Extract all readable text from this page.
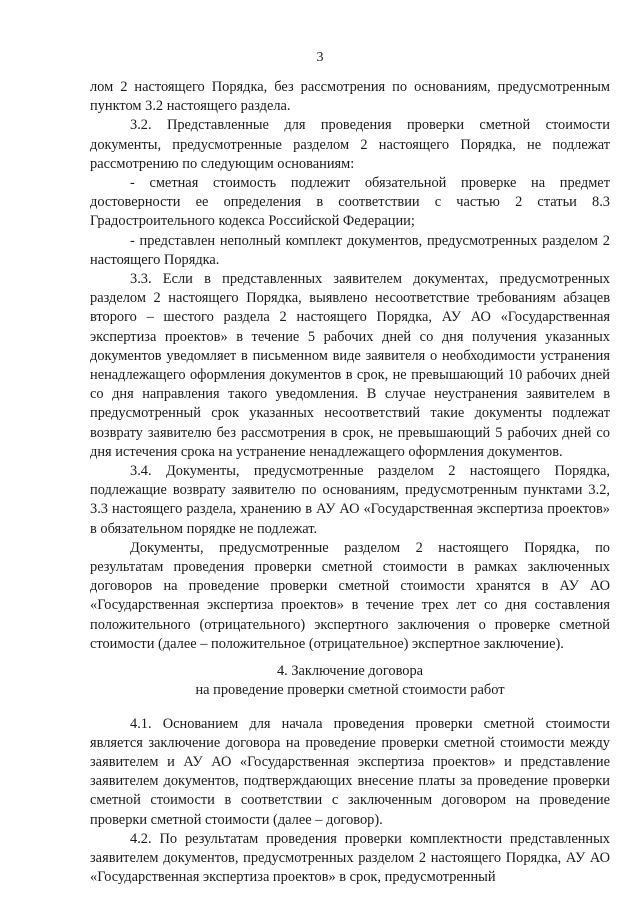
3

лом 2 настоящего Порядка, без рассмотрения по основаниям, предусмотренным пунктом 3.2 настоящего раздела.

3.2. Представленные для проведения проверки сметной стоимости документы, предусмотренные разделом 2 настоящего Порядка, не подлежат рассмотрению по следующим основаниям:

- сметная стоимость подлежит обязательной проверке на предмет достоверности ее определения в соответствии с частью 2 статьи 8.3 Градостроительного кодекса Российской Федерации;

- представлен неполный комплект документов, предусмотренных разделом 2 настоящего Порядка.

3.3. Если в представленных заявителем документах, предусмотренных разделом 2 настоящего Порядка, выявлено несоответствие требованиям абзацев второго – шестого раздела 2 настоящего Порядка, АУ АО «Государственная экспертиза проектов» в течение 5 рабочих дней со дня получения указанных документов уведомляет в письменном виде заявителя о необходимости устранения ненадлежащего оформления документов в срок, не превышающий 10 рабочих дней со дня направления такого уведомления. В случае неустранения заявителем в предусмотренный срок указанных несоответствий такие документы подлежат возврату заявителю без рассмотрения в срок, не превышающий 5 рабочих дней со дня истечения срока на устранение ненадлежащего оформления документов.

3.4. Документы, предусмотренные разделом 2 настоящего Порядка, подлежащие возврату заявителю по основаниям, предусмотренным пунктами 3.2, 3.3 настоящего раздела, хранению в АУ АО «Государственная экспертиза проектов» в обязательном порядке не подлежат.

Документы, предусмотренные разделом 2 настоящего Порядка, по результатам проведения проверки сметной стоимости в рамках заключенных договоров на проведение проверки сметной стоимости хранятся в АУ АО «Государственная экспертиза проектов» в течение трех лет со дня составления положительного (отрицательного) экспертного заключения о проверке сметной стоимости (далее – положительное (отрицательное) экспертное заключение).

4. Заключение договора

на проведение проверки сметной стоимости работ

4.1. Основанием для начала проведения проверки сметной стоимости является заключение договора на проведение проверки сметной стоимости между заявителем и АУ АО «Государственная экспертиза проектов» и представление заявителем документов, подтверждающих внесение платы за проведение проверки сметной стоимости в соответствии с заключенным договором на проведение проверки сметной стоимости (далее – договор).

4.2. По результатам проведения проверки комплектности представленных заявителем документов, предусмотренных разделом 2 настоящего Порядка, АУ АО «Государственная экспертиза проектов» в срок, предусмотренный
